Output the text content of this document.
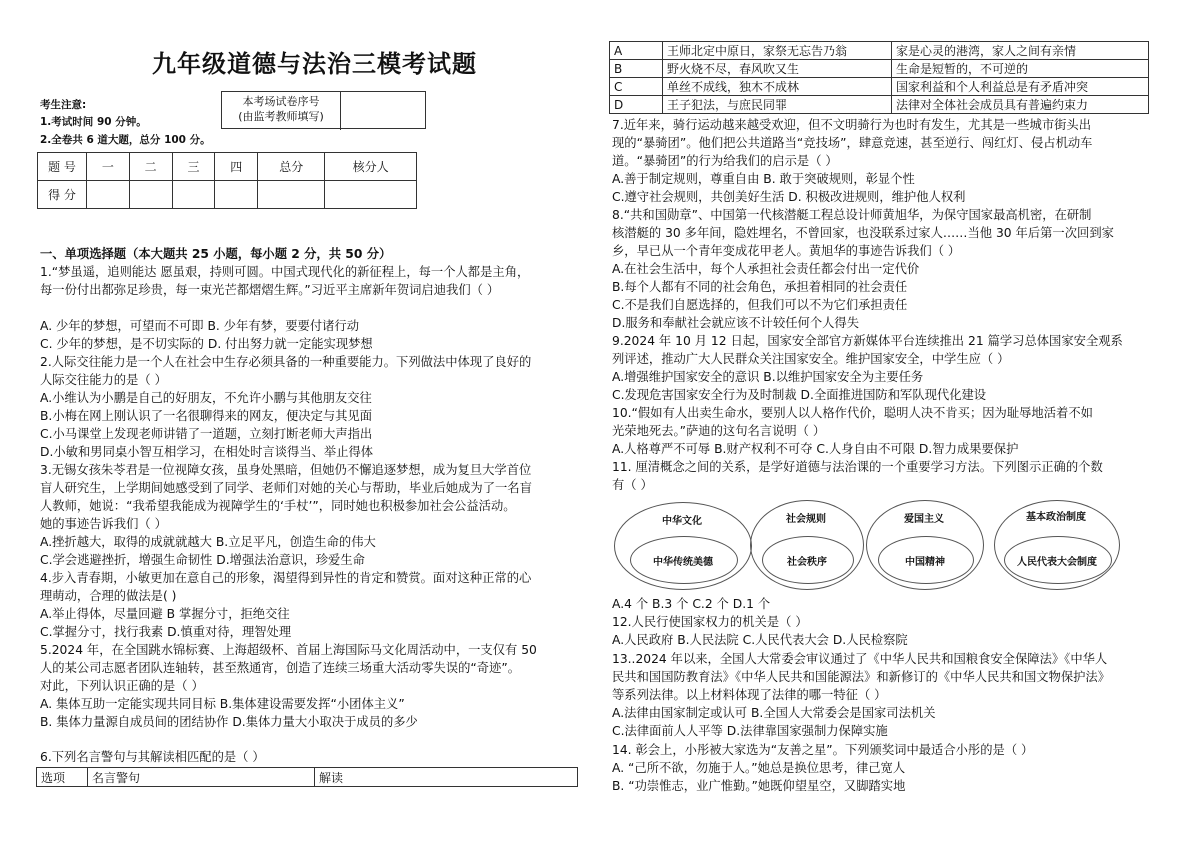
九年级道德与法治三模考试题
考生注意:
1.考试时间 90 分钟。
2.全卷共 6 道大题，总分 100 分。
本考场试卷序号
(由监考教师填写)
题 号	一	二	三	四	总分	核分人
得 分						
一、单项选择题（本大题共 25 小题，每小题 2 分，共 50 分）
1.“梦虽遥，追则能达 愿虽艰，持则可圆。中国式现代化的新征程上，每一个人都是主角，
每一份付出都弥足珍贵，每一束光芒都熠熠生辉。”习近平主席新年贺词启迪我们（ ）
A. 少年的梦想，可望而不可即 B. 少年有梦，要要付诸行动
C. 少年的梦想，是不切实际的 D. 付出努力就一定能实现梦想
2.人际交往能力是一个人在社会中生存必须具备的一种重要能力。下列做法中体现了良好的
人际交往能力的是（ ）
A.小维认为小鹏是自己的好朋友，不允许小鹏与其他朋友交往
B.小梅在网上刚认识了一名很聊得来的网友，便决定与其见面
C.小马课堂上发现老师讲错了一道题，立刻打断老师大声指出
D.小敏和男同桌小智互相学习，在相处时言谈得当、举止得体
3.无锡女孩朱苓君是一位视障女孩，虽身处黑暗，但她仍不懈追逐梦想，成为复旦大学首位
盲人研究生，上学期间她感受到了同学、老师们对她的关心与帮助，毕业后她成为了一名盲
人教师，她说：“我希望我能成为视障学生的‘手杖’”，同时她也积极参加社会公益活动。
她的事迹告诉我们（ ）
A.挫折越大，取得的成就就越大 B.立足平凡，创造生命的伟大
C.学会逃避挫折，增强生命韧性 D.增强法治意识，珍爱生命
4.步入青春期，小敏更加在意自己的形象，渴望得到异性的肯定和赞赏。面对这种正常的心
理萌动，合理的做法是( )
A.举止得体，尽量回避 B 掌握分寸，拒绝交往
C.掌握分寸，找行我素 D.慎重对待，理智处理
5.2024 年，在全国跳水锦标赛、上海超级杯、首届上海国际马文化周活动中，一支仅有 50
人的某公司志愿者团队连轴转，甚至熬通宵，创造了连续三场重大活动零失误的“奇迹”。
对此，下列认识正确的是（ ）
A. 集体互助一定能实现共同目标 B.集体建设需要发挥“小团体主义”
B. 集体力量源自成员间的团结协作 D.集体力量大小取决于成员的多少
6.下列名言警句与其解读相匹配的是（ ）
选项	名言警句	解读
A	王师北定中原日，家祭无忘告乃翁	家是心灵的港湾，家人之间有亲情
B	野火烧不尽，春风吹又生	生命是短暂的，不可逆的
C	单丝不成线，独木不成林	国家利益和个人利益总是有矛盾冲突
D	王子犯法，与庶民同罪	法律对全体社会成员具有普遍约束力
7.近年来，骑行运动越来越受欢迎，但不文明骑行为也时有发生，尤其是一些城市街头出
现的“暴骑团”。他们把公共道路当“竞技场”，肆意竞速，甚至逆行、闯红灯、侵占机动车
道。“暴骑团”的行为给我们的启示是（ ）
A.善于制定规则，尊重自由 B. 敢于突破规则，彰显个性
C.遵守社会规则，共创美好生活 D. 积极改进规则，维护他人权利
8.“共和国勋章”、中国第一代核潜艇工程总设计师黄旭华，为保守国家最高机密，在研制
核潜艇的 30 多年间，隐姓埋名，不曾回家，也没联系过家人……当他 30 年后第一次回到家
乡，早已从一个青年变成花甲老人。黄旭华的事迹告诉我们（ ）
A.在社会生活中，每个人承担社会责任都会付出一定代价
B.每个人都有不同的社会角色，承担着相同的社会责任
C.不是我们自愿选择的，但我们可以不为它们承担责任
D.服务和奉献社会就应该不计较任何个人得失
9.2024 年 10 月 12 日起，国家安全部官方新媒体平台连续推出 21 篇学习总体国家安全观系
列评述，推动广大人民群众关注国家安全。维护国家安全，中学生应（ ）
A.增强维护国家安全的意识 B.以维护国家安全为主要任务
C.发现危害国家安全行为及时制裁 D.全面推进国防和军队现代化建设
10.“假如有人出卖生命水，要别人以人格作代价，聪明人决不肯买；因为耻辱地活着不如
光荣地死去。”萨迪的这句名言说明（ ）
A.人格尊严不可辱 B.财产权利不可夺 C.人身自由不可限 D.智力成果要保护
11. 厘清概念之间的关系，是学好道德与法治课的一个重要学习方法。下列图示正确的个数
有（ ）
中华文化
中华传统美德
社会规则
社会秩序
爱国主义
中国精神
基本政治制度
人民代表大会制度
A.4 个 B.3 个 C.2 个 D.1 个
12.人民行使国家权力的机关是（ ）
A.人民政府 B.人民法院 C.人民代表大会 D.人民检察院
13..2024 年以来，全国人大常委会审议通过了《中华人民共和国粮食安全保障法》《中华人
民共和国国防教育法》《中华人民共和国能源法》和新修订的《中华人民共和国文物保护法》
等系列法律。以上材料体现了法律的哪一特征（ ）
A.法律由国家制定或认可 B.全国人大常委会是国家司法机关
C.法律面前人人平等 D.法律靠国家强制力保障实施
14. 彰会上，小彤被大家选为“友善之星”。下列颁奖词中最适合小彤的是（ ）
A. “己所不欲，勿施于人。”她总是换位思考，律己宽人
B. “功崇惟志，业广惟勤。”她既仰望星空，又脚踏实地
